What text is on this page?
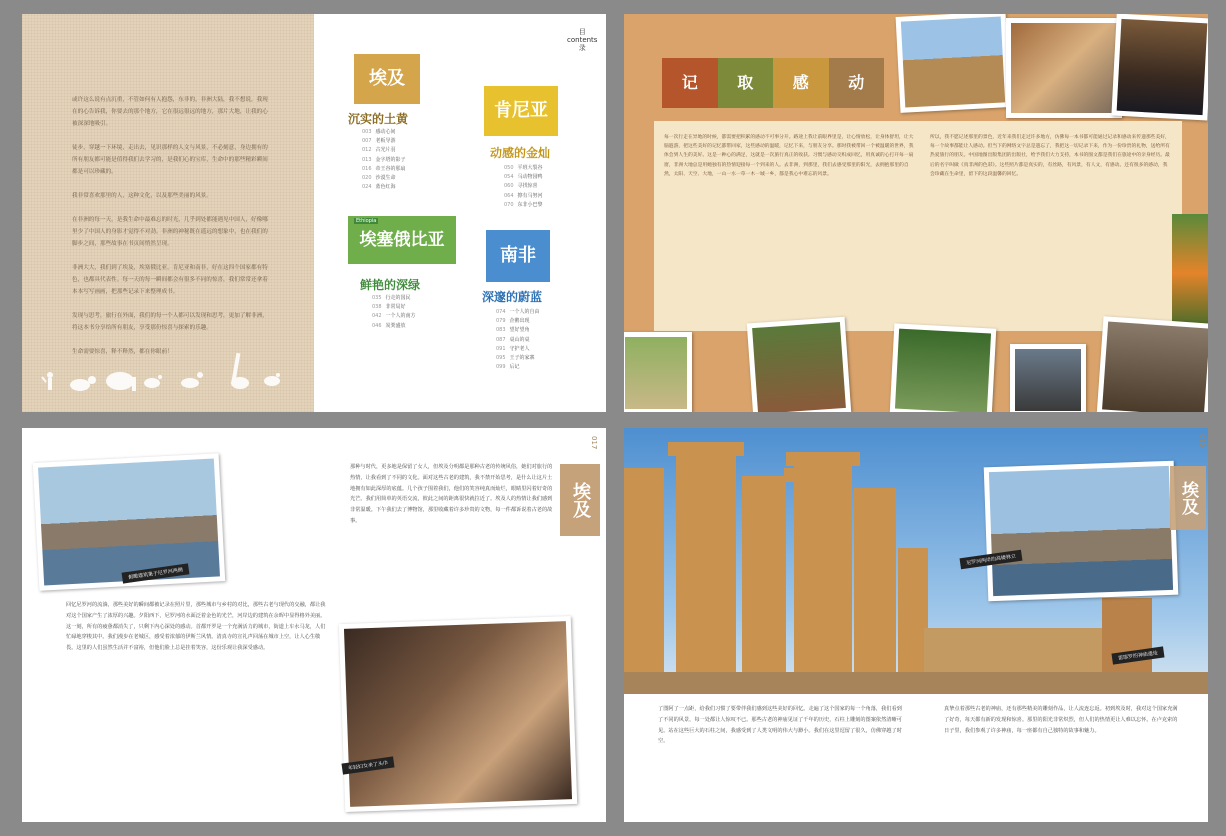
或许这么说有点沉重，不管如何有人抱怨，东非的，非洲大陆，我不想说，我现在的心告诉我，你要去的那个地方，它在很远很远的地方，那片大地，让我的心被深深地吸引。

徒步，穿越一下环境，走出去，见识那样的人文与风景，不必刻意，身边拥有的所有朋友都可能是值得我们去学习的，是我们心的宝库，生命中的那些精彩瞬间都是可以珍藏的。

我非常喜欢那里的人，这种文化，以及那些美丽的风景。

在非洲的每一天，是我生命中最难忘的时光，几乎到处都能遇见中国人，好像哪里少了中国人的身影才觉得不对劲。非洲的神秘既在遥远的想象中，也在我们的脚步之间，那些故事在书页间悄然呈现。

非洲大大，我们到了埃及，埃塞俄比亚，肯尼亚和南非，好在这四个国家都有特色，也都具代表性。每一天的每一瞬间都会有很多不同的惊喜，我们常常还拿着本本写写画画，把那些记录下来整理成书。

发现与思考，旅行在外面，我们的每一个人都可以发现和思考，更加了解非洲，将这本书分享给所有朋友，享受那份惊喜与探索的乐趣。

生命需要惊喜，释不释然，都在你眼前！

目
contents
录
埃及
沉实的土黄
003 感动心间
007 老板导游
012 古光片羽
013 金字塔的影子
016 帝王谷的那扇
020 沙漠生命
024 蓝色红海
肯尼亚
动感的金灿
050 平班大裂谷
054 马动物园鸭
060 寻找惊喜
064 擦有马努河
070 东非小巴黎
埃塞俄比亚
Ethiopia
鲜艳的深绿
035 行走的国民
038 非常局好
042 一个人的南方
046 炭粪盛放
南非
深邃的蔚蓝
074 一个人的自由
079 企鹅出现
083 望好望角
087 桌山的桌
091 守护老人
095 王子的家寨
099 后记
记	取	感	动

每一次行走在异地的时候，都需要把积累的感动不可事分开。路途上我让前眼界里是，让心情放松，让身体舒坦，让大脑遐游，把这些美好的记忆都带回家，这些感动的温暖，记忆下来，与朋友分享。那时我被带回一个被温暖的世界，我体会到人生的美好。这是一种心的满足，这就是一次旅行真正的收获。习惯与感动交织成回忆，用真诚的心打开每一扇窗，非洲大地总是用她独有的热情迎接每一个到来的人。去非洲，到那里，我们去感受那里的阳光，去拥抱那里的自然，太阳、天空、大地，一山一水一草一木一城一乡，都是我心中难忘的风景。

所以，我不愿记述那里的景色，近年来我们走过许多地方，仿佛每一本书都可能通过记录和感动来传递那些美好，每一个故事都能让人感动。但当下的网络文字总是遗忘了，我把这一切记录下来，作为一份珍贵的礼物，送给所有热爱旅行的朋友。中国地图出版集团的出版社，给予我们大力支持，本书的图文都是我们在旅途中的亲身经历。最后的名字叫做《真非洲的色彩》。这些照片都是真实的，有丝路，有风景，有人文，有感动。还有很多的感动，我会珍藏在生命里，留下的这段温馨的回忆。

俯瞰建筑集于尼罗河两侧
埃及
017

那种与时代，更多地是保留了女人，但埃及分明都是那种古老的传统风俗，她们对旅行的热情，让我看到了不同的文化。面对这些古老的建筑，我不禁开始思考，是什么让这片土地拥有如此深厚的底蕴。几个孩子围着我们，他们的笑容纯真而灿烂，眼睛里闪着好奇的光芒。我们用简单的英语交流，彼此之间的距离很快就拉近了。埃及人的热情让我们感到非常温暖。下午我们去了博物馆，那里收藏着许多珍贵的文物，每一件都诉说着古老的故事。

回忆尼罗河的流淌，那些美好的瞬间都被记录在照片里，那些城市与乡村的对比，那些古老与现代的交融，都让我对这个国家产生了浓厚的兴趣。夕阳西下，尼罗河的水面泛着金色的光芒，河岸边的建筑在余晖中显得格外美丽。这一刻，所有的疲惫都消失了，只剩下内心深处的感动。首都开罗是一个充满活力的城市，街道上车水马龙，人们忙碌地穿梭其中。我们漫步在老城区，感受着浓郁的伊斯兰风情。清真寺的宣礼声回荡在城市上空，让人心生敬畏。这里的人们虽然生活并不富裕，但他们脸上总是挂着笑容，这份乐观让我深受感动。

年轻妇女来了头巾
尼罗河两岸的高楼林立
雷耶罗的神庙遗址
埃及
010

了图阿了一点距，给我们习惯了要带伴我们感到这些美好的回忆。走遍了这个国家的每一个角落，我们看到了不同的风景，每一处都让人惊叹不已。那些古老的神庙见证了千年的历史，石柱上雕刻的图案依然清晰可见。站在这些巨大的石柱之间，我感受到了人类文明的伟大与渺小。我们在这里逗留了很久，仿佛穿越了时空。

真挚点着那些古老的神庙，还有那些精美的雕刻作品，让人流连忘返。初到埃及时，我对这个国家充满了好奇，每天都有新的发现和惊喜。那里的阳光非常炽烈，但人们的热情更让人难以忘怀。在卢克索的日子里，我们参观了许多神庙，每一座都有自己独特的故事和魅力。
